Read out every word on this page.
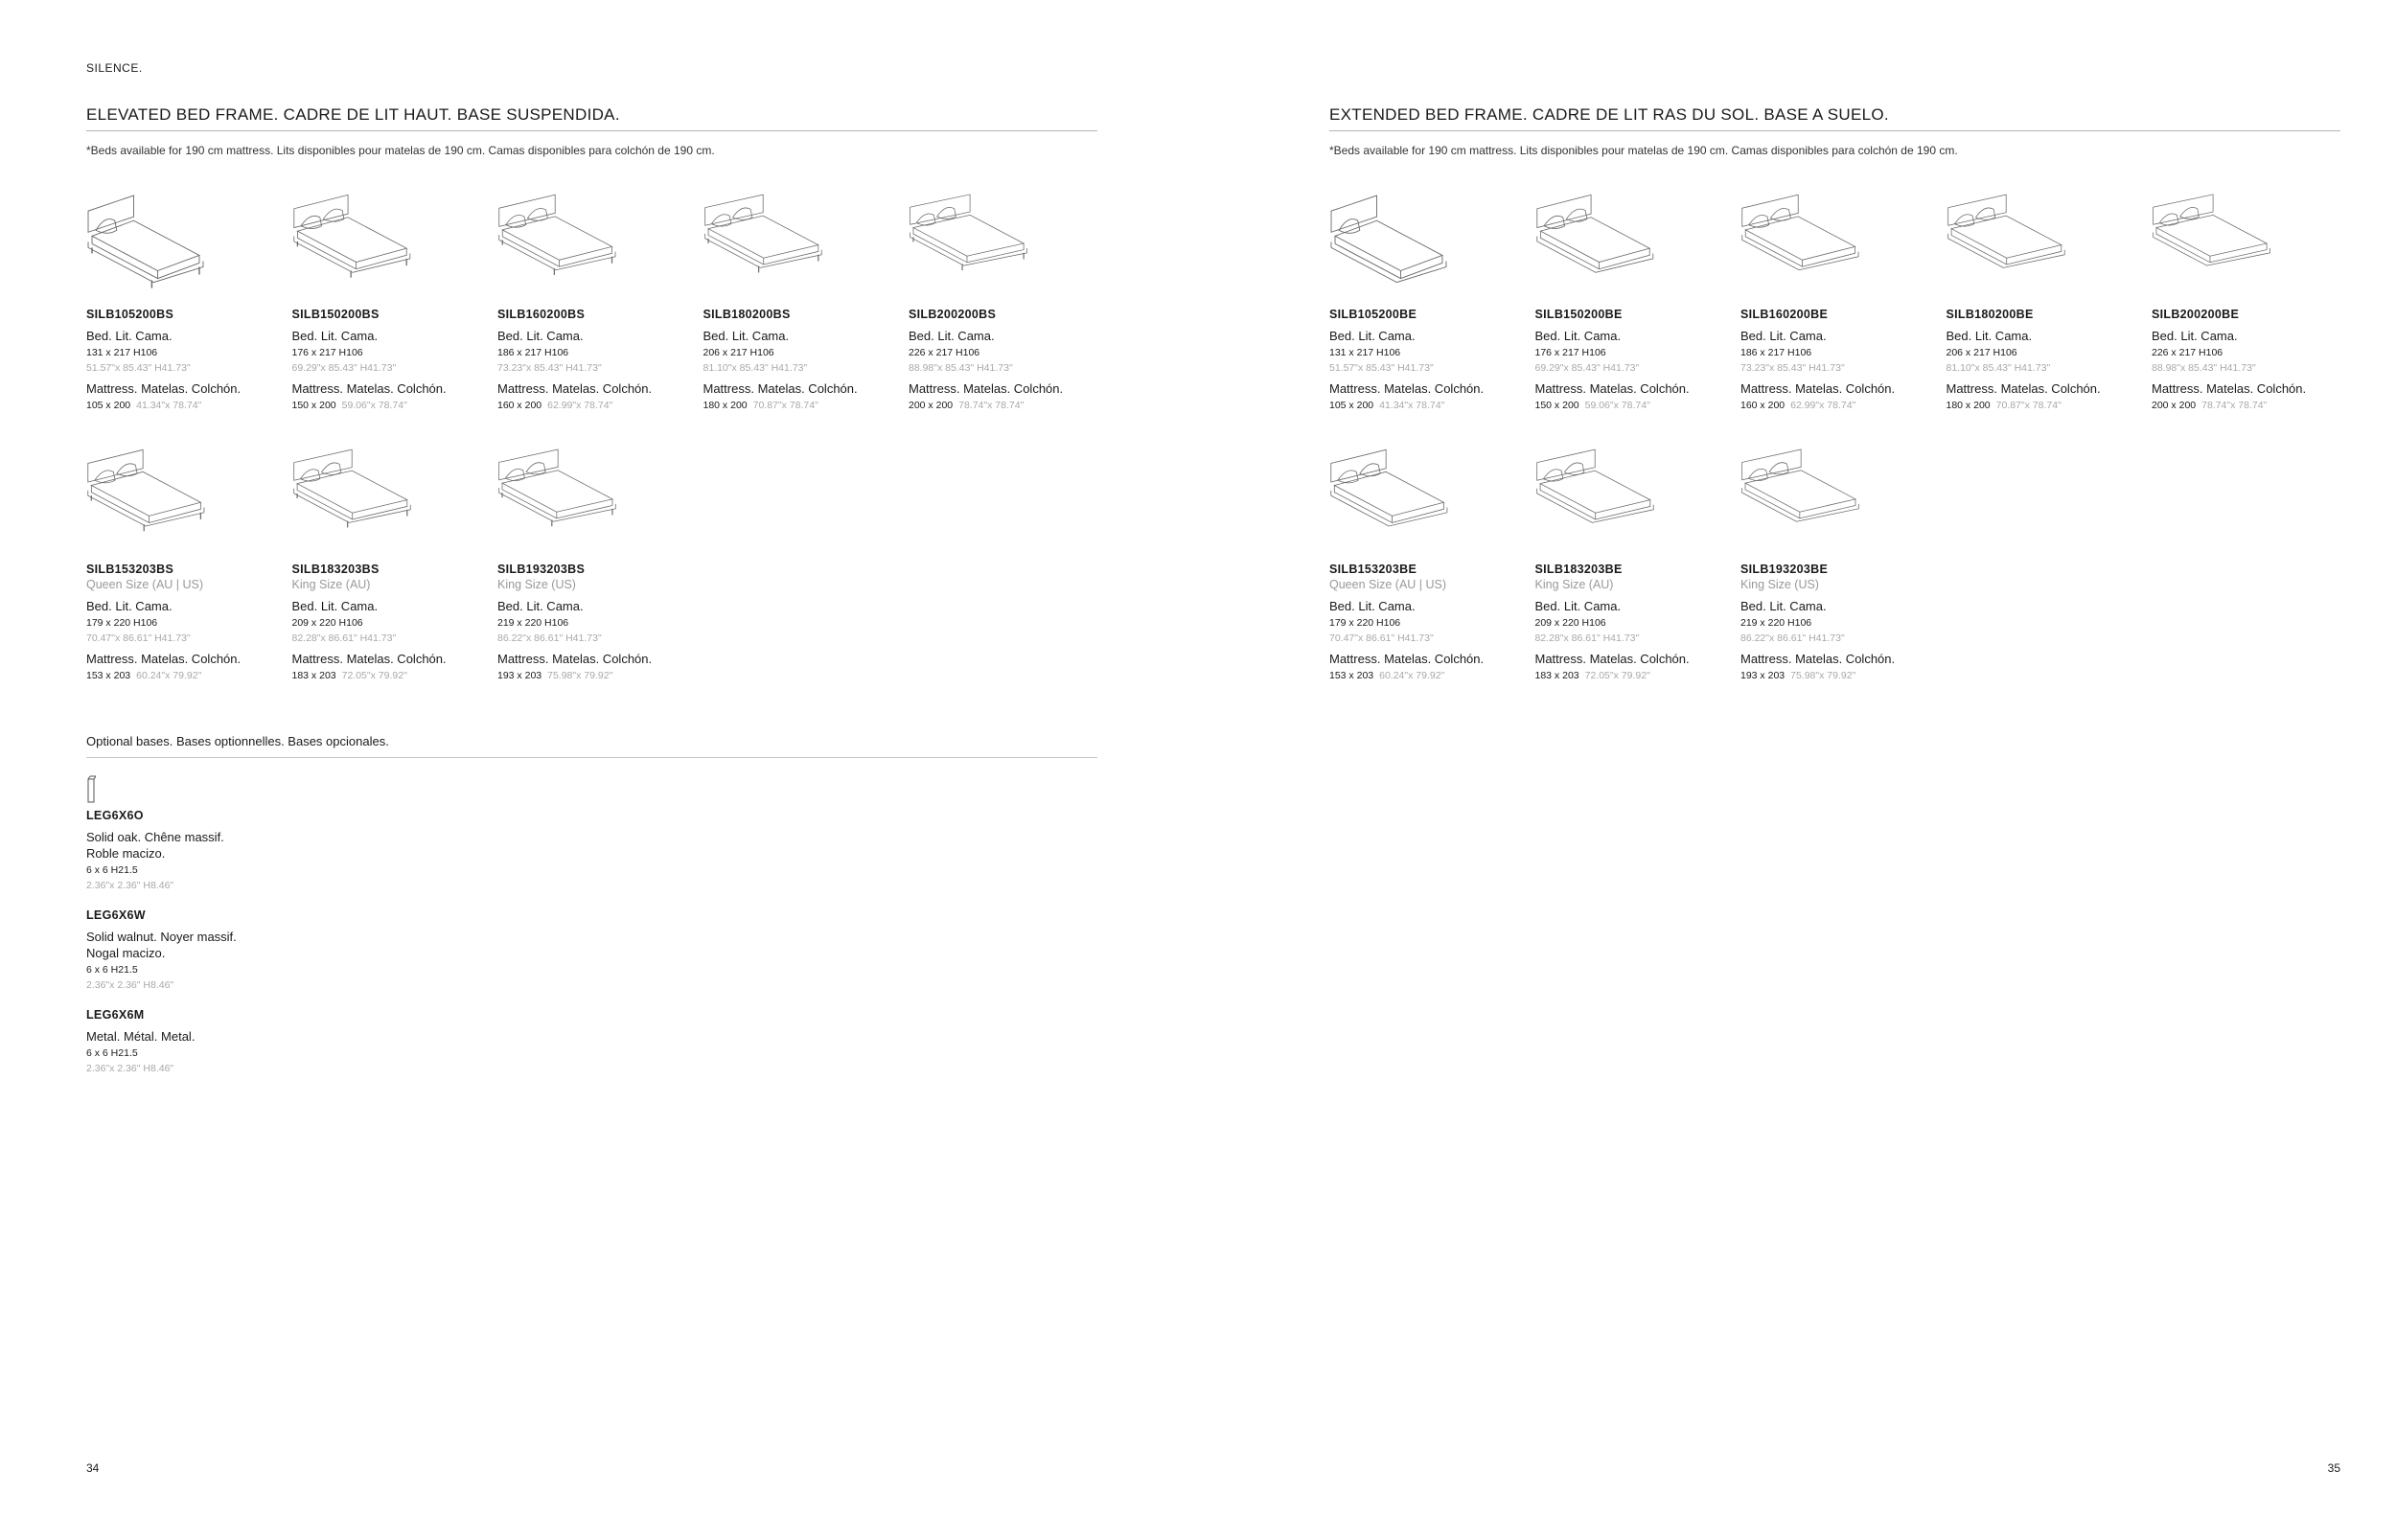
SILENCE.
ELEVATED BED FRAME. CADRE DE LIT HAUT. BASE SUSPENDIDA.
*Beds available for 190 cm mattress. Lits disponibles pour matelas de 190 cm. Camas disponibles para colchón de 190 cm.
SILB105200BS
Bed. Lit. Cama.
131 x 217 H106
51.57"x 85.43" H41.73"
Mattress. Matelas. Colchón.
105 x 200 41.34"x 78.74"
SILB150200BS
Bed. Lit. Cama.
176 x 217 H106
69.29"x 85.43" H41.73"
Mattress. Matelas. Colchón.
150 x 200 59.06"x 78.74"
SILB160200BS
Bed. Lit. Cama.
186 x 217 H106
73.23"x 85.43" H41.73"
Mattress. Matelas. Colchón.
160 x 200 62.99"x 78.74"
SILB180200BS
Bed. Lit. Cama.
206 x 217 H106
81.10"x 85.43" H41.73"
Mattress. Matelas. Colchón.
180 x 200 70.87"x 78.74"
SILB200200BS
Bed. Lit. Cama.
226 x 217 H106
88.98"x 85.43" H41.73"
Mattress. Matelas. Colchón.
200 x 200 78.74"x 78.74"
SILB153203BS
Queen Size (AU | US)
Bed. Lit. Cama.
179 x 220 H106
70.47"x 86.61" H41.73"
Mattress. Matelas. Colchón.
153 x 203 60.24"x 79.92"
SILB183203BS
King Size (AU)
Bed. Lit. Cama.
209 x 220 H106
82.28"x 86.61" H41.73"
Mattress. Matelas. Colchón.
183 x 203 72.05"x 79.92"
SILB193203BS
King Size (US)
Bed. Lit. Cama.
219 x 220 H106
86.22"x 86.61" H41.73"
Mattress. Matelas. Colchón.
193 x 203 75.98"x 79.92"
Optional bases. Bases optionnelles. Bases opcionales.
LEG6X6O
Solid oak. Chêne massif.
Roble macizo.
6 x 6 H21.5
2.36"x 2.36" H8.46"
LEG6X6W
Solid walnut. Noyer massif.
Nogal macizo.
6 x 6 H21.5
2.36"x 2.36" H8.46"
LEG6X6M
Metal. Métal. Metal.
6 x 6 H21.5
2.36"x 2.36" H8.46"
34
EXTENDED BED FRAME. CADRE DE LIT RAS DU SOL. BASE A SUELO.
*Beds available for 190 cm mattress. Lits disponibles pour matelas de 190 cm. Camas disponibles para colchón de 190 cm.
SILB105200BE
Bed. Lit. Cama.
131 x 217 H106
51.57"x 85.43" H41.73"
Mattress. Matelas. Colchón.
105 x 200 41.34"x 78.74"
SILB150200BE
Bed. Lit. Cama.
176 x 217 H106
69.29"x 85.43" H41.73"
Mattress. Matelas. Colchón.
150 x 200 59.06"x 78.74"
SILB160200BE
Bed. Lit. Cama.
186 x 217 H106
73.23"x 85.43" H41.73"
Mattress. Matelas. Colchón.
160 x 200 62.99"x 78.74"
SILB180200BE
Bed. Lit. Cama.
206 x 217 H106
81.10"x 85.43" H41.73"
Mattress. Matelas. Colchón.
180 x 200 70.87"x 78.74"
SILB200200BE
Bed. Lit. Cama.
226 x 217 H106
88.98"x 85.43" H41.73"
Mattress. Matelas. Colchón.
200 x 200 78.74"x 78.74"
SILB153203BE
Queen Size (AU | US)
Bed. Lit. Cama.
179 x 220 H106
70.47"x 86.61" H41.73"
Mattress. Matelas. Colchón.
153 x 203 60.24"x 79.92"
SILB183203BE
King Size (AU)
Bed. Lit. Cama.
209 x 220 H106
82.28"x 86.61" H41.73"
Mattress. Matelas. Colchón.
183 x 203 72.05"x 79.92"
SILB193203BE
King Size (US)
Bed. Lit. Cama.
219 x 220 H106
86.22"x 86.61" H41.73"
Mattress. Matelas. Colchón.
193 x 203 75.98"x 79.92"
35
